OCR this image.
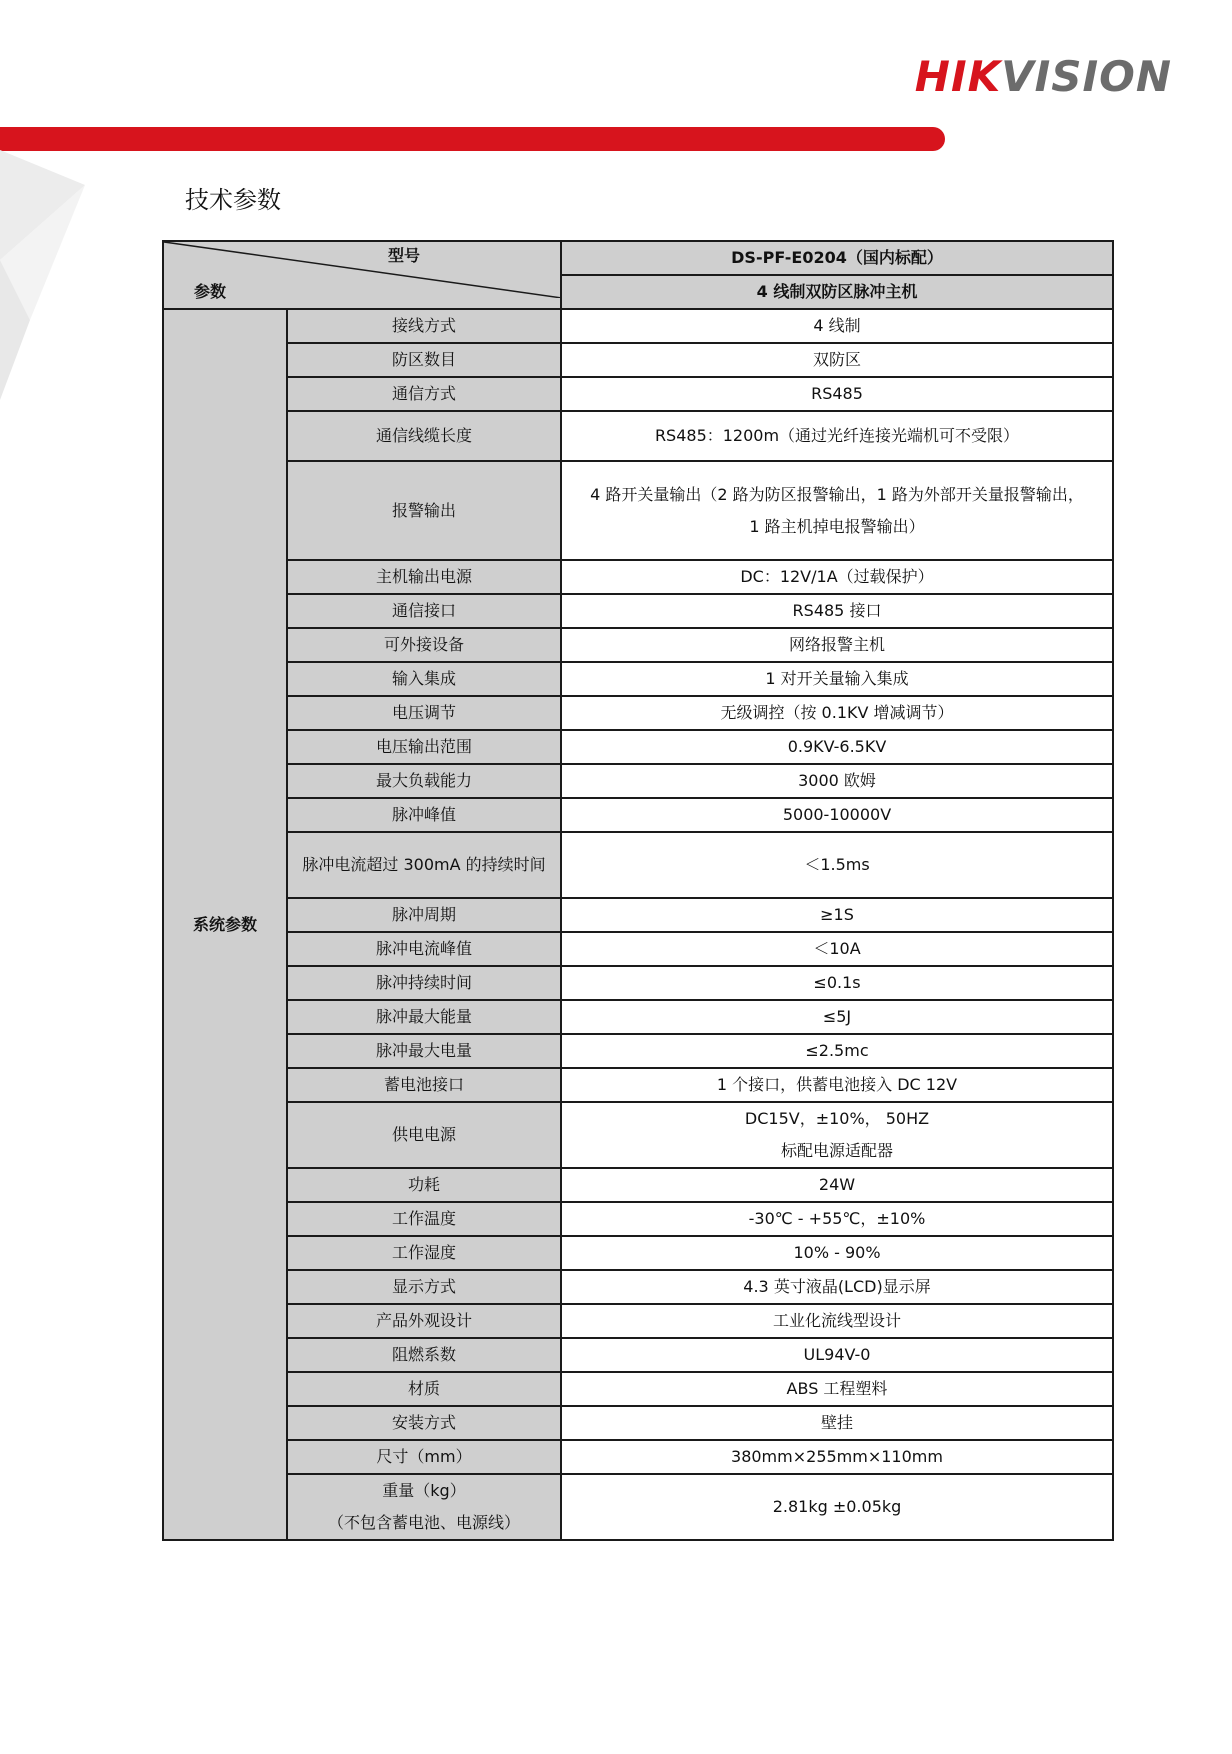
HIKVISION
技术参数
型号
参数		DS-PF-E0204（国内标配）
		4 线制双防区脉冲主机
系统参数	接线方式	4 线制
	防区数目	双防区
	通信方式	RS485
	通信线缆长度	RS485：1200m（通过光纤连接光端机可不受限）
	报警输出	4 路开关量输出（2 路为防区报警输出，1 路为外部开关量报警输出，
1 路主机掉电报警输出）

	主机输出电源	DC：12V/1A（过载保护）
	通信接口	RS485 接口
	可外接设备	网络报警主机
	输入集成	1 对开关量输入集成
	电压调节	无级调控（按 0.1KV 增减调节）
	电压输出范围	0.9KV-6.5KV
	最大负载能力	3000 欧姆
	脉冲峰值	5000-10000V
	脉冲电流超过 300mA 的持续时间	＜1.5ms
	脉冲周期	≥1S
	脉冲电流峰值	＜10A
	脉冲持续时间	≤0.1s
	脉冲最大能量	≤5J
	脉冲最大电量	≤2.5mc
	蓄电池接口	1 个接口，供蓄电池接入 DC 12V
	供电电源	DC15V，±10%， 50HZ
标配电源适配器

	功耗	24W
	工作温度	-30℃ - +55℃，±10%
	工作湿度	10% - 90%
	显示方式	4.3 英寸液晶(LCD)显示屏
	产品外观设计	工业化流线型设计
	阻燃系数	UL94V-0
	材质	ABS 工程塑料
	安装方式	壁挂
	尺寸（mm）	380mm×255mm×110mm

	重量（kg）
（不包含蓄电池、电源线）	2.81kg ±0.05kg
